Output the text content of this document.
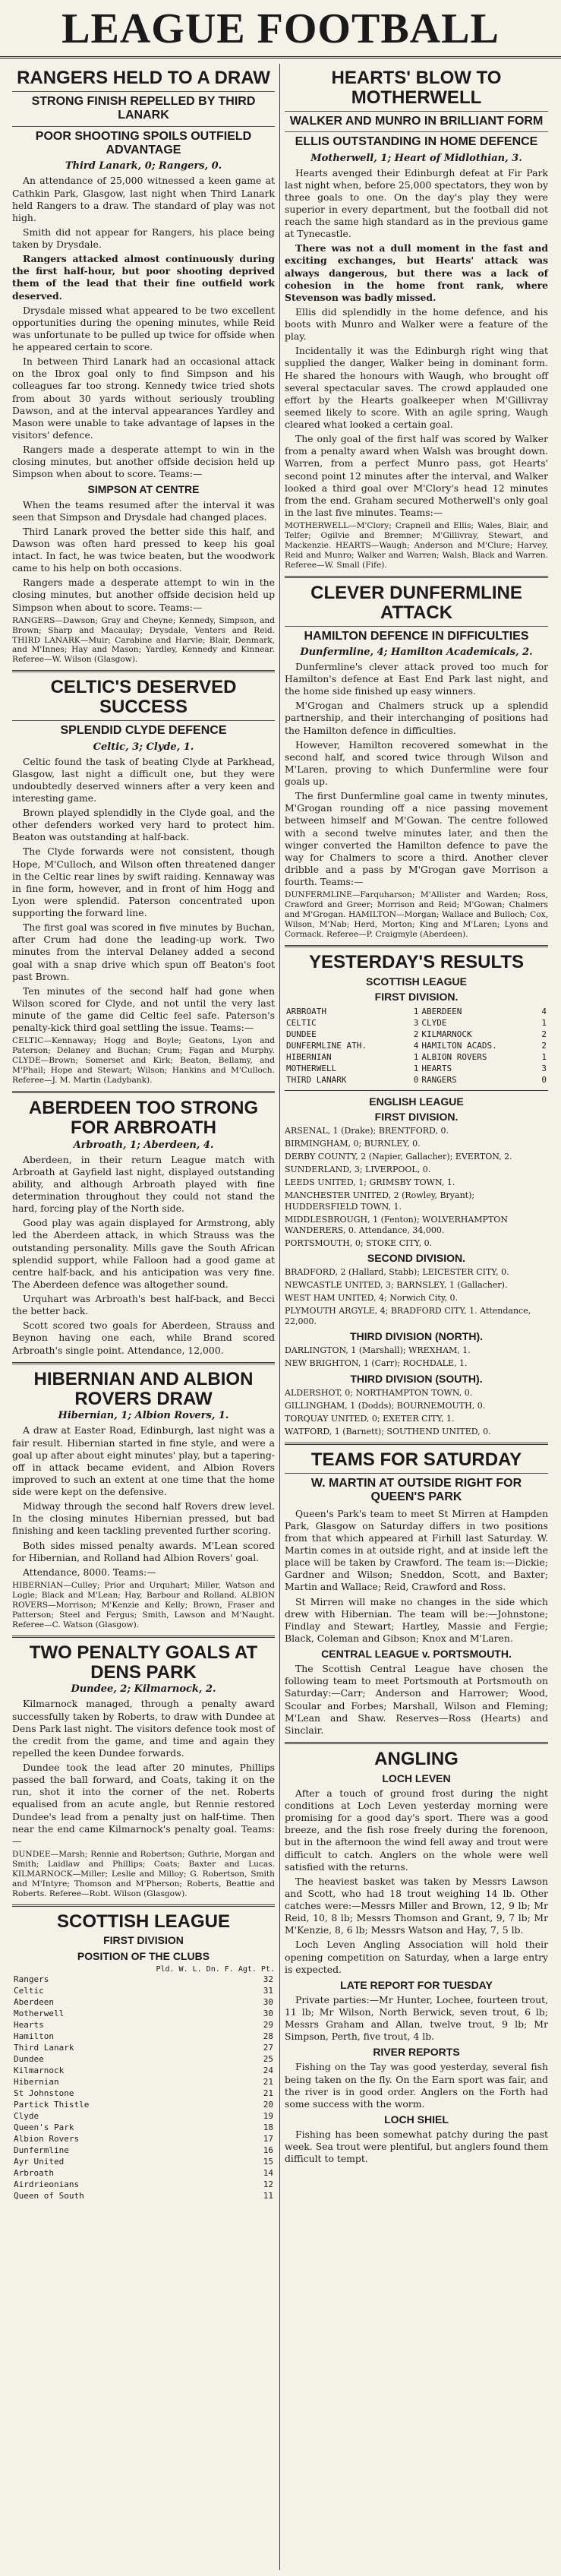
LEAGUE FOOTBALL
RANGERS HELD TO A DRAW
STRONG FINISH REPELLED BY THIRD LANARK
POOR SHOOTING SPOILS OUTFIELD ADVANTAGE
Third Lanark, 0; Rangers, 0.

An attendance of 25,000 witnessed a keen game at Cathkin Park, Glasgow, last night when Third Lanark held Rangers to a draw. The standard of play was not high.

Smith did not appear for Rangers, his place being taken by Drysdale.

Rangers attacked almost continuously during the first half-hour, but poor shooting deprived them of the lead that their fine outfield work deserved.

Drysdale missed what appeared to be two excellent opportunities during the opening minutes, while Reid was unfortunate to be pulled up twice for offside when he appeared certain to score.

In between Third Lanark had an occasional attack on the Ibrox goal only to find Simpson and his colleagues far too strong. Kennedy twice tried shots from about 30 yards without seriously troubling Dawson, and at the interval appearances Yardley and Mason were unable to take advantage of lapses in the visitors' defence.

Rangers made a desperate attempt to win in the closing minutes, but another offside decision held up Simpson when about to score. Teams:—

SIMPSON AT CENTRE

When the teams resumed after the interval it was seen that Simpson and Drysdale had changed places.

Third Lanark proved the better side this half, and Dawson was often hard pressed to keep his goal intact. In fact, he was twice beaten, but the woodwork came to his help on both occasions.

Rangers made a desperate attempt to win in the closing minutes, but another offside decision held up Simpson when about to score. Teams:—

RANGERS—Dawson; Gray and Cheyne; Kennedy, Simpson, and Brown; Sharp and Macaulay; Drysdale, Venters and Reid. THIRD LANARK—Muir; Carabine and Harvie; Blair, Denmark, and M'Innes; Hay and Mason; Yardley, Kennedy and Kinnear. Referee—W. Wilson (Glasgow).

CELTIC'S DESERVED SUCCESS
SPLENDID CLYDE DEFENCE
Celtic, 3; Clyde, 1.

Celtic found the task of beating Clyde at Parkhead, Glasgow, last night a difficult one, but they were undoubtedly deserved winners after a very keen and interesting game.

Brown played splendidly in the Clyde goal, and the other defenders worked very hard to protect him. Beaton was outstanding at half-back.

The Clyde forwards were not consistent, though Hope, M'Culloch, and Wilson often threatened danger in the Celtic rear lines by swift raiding. Kennaway was in fine form, however, and in front of him Hogg and Lyon were splendid. Paterson concentrated upon supporting the forward line.

The first goal was scored in five minutes by Buchan, after Crum had done the leading-up work. Two minutes from the interval Delaney added a second goal with a snap drive which spun off Beaton's foot past Brown.

Ten minutes of the second half had gone when Wilson scored for Clyde, and not until the very last minute of the game did Celtic feel safe. Paterson's penalty-kick third goal settling the issue. Teams:—

CELTIC—Kennaway; Hogg and Boyle; Geatons, Lyon and Paterson; Delaney and Buchan; Crum; Fagan and Murphy. CLYDE—Brown; Somerset and Kirk; Beaton, Bellamy, and M'Phail; Hope and Stewart; Wilson; Hankins and M'Culloch. Referee—J. M. Martin (Ladybank).

ABERDEEN TOO STRONG FOR ARBROATH
Arbroath, 1; Aberdeen, 4.

Aberdeen, in their return League match with Arbroath at Gayfield last night, displayed outstanding ability, and although Arbroath played with fine determination throughout they could not stand the hard, forcing play of the North side.

Good play was again displayed for Armstrong, ably led the Aberdeen attack, in which Strauss was the outstanding personality. Mills gave the South African splendid support, while Falloon had a good game at centre half-back, and his anticipation was very fine. The Aberdeen defence was altogether sound.

Urquhart was Arbroath's best half-back, and Becci the better back.

Scott scored two goals for Aberdeen, Strauss and Beynon having one each, while Brand scored Arbroath's single point. Attendance, 12,000.

HIBERNIAN AND ALBION ROVERS DRAW
Hibernian, 1; Albion Rovers, 1.

A draw at Easter Road, Edinburgh, last night was a fair result. Hibernian started in fine style, and were a goal up after about eight minutes' play, but a tapering-off in attack became evident, and Albion Rovers improved to such an extent at one time that the home side were kept on the defensive.

Midway through the second half Rovers drew level. In the closing minutes Hibernian pressed, but bad finishing and keen tackling prevented further scoring.

Both sides missed penalty awards. M'Lean scored for Hibernian, and Rolland had Albion Rovers' goal.

Attendance, 8000. Teams:—

HIBERNIAN—Culley; Prior and Urquhart; Miller, Watson and Logie; Black and M'Lean; Hay, Barbour and Rolland. ALBION ROVERS—Morrison; M'Kenzie and Kelly; Brown, Fraser and Patterson; Steel and Fergus; Smith, Lawson and M'Naught. Referee—C. Watson (Glasgow).

TWO PENALTY GOALS AT DENS PARK
Dundee, 2; Kilmarnock, 2.

Kilmarnock managed, through a penalty award successfully taken by Roberts, to draw with Dundee at Dens Park last night. The visitors defence took most of the credit from the game, and time and again they repelled the keen Dundee forwards.

Dundee took the lead after 20 minutes, Phillips passed the ball forward, and Coats, taking it on the run, shot it into the corner of the net. Roberts equalised from an acute angle, but Rennie restored Dundee's lead from a penalty just on half-time. Then near the end came Kilmarnock's penalty goal. Teams:—

DUNDEE—Marsh; Rennie and Robertson; Guthrie, Morgan and Smith; Laidlaw and Phillips; Coats; Baxter and Lucas. KILMARNOCK—Miller; Leslie and Milloy; G. Robertson, Smith and M'Intyre; Thomson and M'Pherson; Roberts, Beattie and Roberts. Referee—Robt. Wilson (Glasgow).

SCOTTISH LEAGUE
FIRST DIVISION
POSITION OF THE CLUBS
Pld. W. L. Dn. F. Agt. Pt.
Rangers	32
Celtic	31
Aberdeen	30
Motherwell	30
Hearts	29
Hamilton	28
Third Lanark	27
Dundee	25
Kilmarnock	24
Hibernian	21
St Johnstone	21
Partick Thistle	20
Clyde	19
Queen's Park	18
Albion Rovers	17
Dunfermline	16
Ayr United	15
Arbroath	14
Airdrieonians	12
Queen of South	11
HEARTS' BLOW TO MOTHERWELL
WALKER AND MUNRO IN BRILLIANT FORM
ELLIS OUTSTANDING IN HOME DEFENCE
Motherwell, 1; Heart of Midlothian, 3.

Hearts avenged their Edinburgh defeat at Fir Park last night when, before 25,000 spectators, they won by three goals to one. On the day's play they were superior in every department, but the football did not reach the same high standard as in the previous game at Tynecastle.

There was not a dull moment in the fast and exciting exchanges, but Hearts' attack was always dangerous, but there was a lack of cohesion in the home front rank, where Stevenson was badly missed.

Ellis did splendidly in the home defence, and his boots with Munro and Walker were a feature of the play.

Incidentally it was the Edinburgh right wing that supplied the danger, Walker being in dominant form. He shared the honours with Waugh, who brought off several spectacular saves. The crowd applauded one effort by the Hearts goalkeeper when M'Gillivray seemed likely to score. With an agile spring, Waugh cleared what looked a certain goal.

The only goal of the first half was scored by Walker from a penalty award when Walsh was brought down. Warren, from a perfect Munro pass, got Hearts' second point 12 minutes after the interval, and Walker looked a third goal over M'Clory's head 12 minutes from the end. Graham secured Motherwell's only goal in the last five minutes. Teams:—

MOTHERWELL—M'Clory; Crapnell and Ellis; Wales, Blair, and Telfer; Ogilvie and Bremner; M'Gillivray, Stewart, and Mackenzie. HEARTS—Waugh; Anderson and M'Clure; Harvey, Reid and Munro; Walker and Warren; Walsh, Black and Warren. Referee—W. Small (Fife).

CLEVER DUNFERMLINE ATTACK
HAMILTON DEFENCE IN DIFFICULTIES
Dunfermline, 4; Hamilton Academicals, 2.

Dunfermline's clever attack proved too much for Hamilton's defence at East End Park last night, and the home side finished up easy winners.

M'Grogan and Chalmers struck up a splendid partnership, and their interchanging of positions had the Hamilton defence in difficulties.

However, Hamilton recovered somewhat in the second half, and scored twice through Wilson and M'Laren, proving to which Dunfermline were four goals up.

The first Dunfermline goal came in twenty minutes, M'Grogan rounding off a nice passing movement between himself and M'Gowan. The centre followed with a second twelve minutes later, and then the winger converted the Hamilton defence to pave the way for Chalmers to score a third. Another clever dribble and a pass by M'Grogan gave Morrison a fourth. Teams:—

DUNFERMLINE—Farquharson; M'Allister and Warden; Ross, Crawford and Greer; Morrison and Reid; M'Gowan; Chalmers and M'Grogan. HAMILTON—Morgan; Wallace and Bulloch; Cox, Wilson, M'Nab; Herd, Morton; King and M'Laren; Lyons and Cormack. Referee—P. Craigmyle (Aberdeen).

YESTERDAY'S RESULTS
SCOTTISH LEAGUE
FIRST DIVISION.
ARBROATH	1	ABERDEEN	4
CELTIC	3	CLYDE	1
DUNDEE	2	KILMARNOCK	2
DUNFERMLINE ATH.	4	HAMILTON ACADS.	2
HIBERNIAN	1	ALBION ROVERS	1
MOTHERWELL	1	HEARTS	3
THIRD LANARK	0	RANGERS	0
ENGLISH LEAGUE
FIRST DIVISION.

ARSENAL, 1 (Drake); BRENTFORD, 0.

BIRMINGHAM, 0; BURNLEY, 0.

DERBY COUNTY, 2 (Napier, Gallacher); EVERTON, 2.

SUNDERLAND, 3; LIVERPOOL, 0.

LEEDS UNITED, 1; GRIMSBY TOWN, 1.

MANCHESTER UNITED, 2 (Rowley, Bryant); HUDDERSFIELD TOWN, 1.

MIDDLESBROUGH, 1 (Fenton); WOLVERHAMPTON WANDERERS, 0. Attendance, 34,000.

PORTSMOUTH, 0; STOKE CITY, 0.

SECOND DIVISION.

BRADFORD, 2 (Hallard, Stabb); LEICESTER CITY, 0.

NEWCASTLE UNITED, 3; BARNSLEY, 1 (Gallacher).

WEST HAM UNITED, 4; Norwich City, 0.

PLYMOUTH ARGYLE, 4; BRADFORD CITY, 1. Attendance, 22,000.

THIRD DIVISION (NORTH).

DARLINGTON, 1 (Marshall); WREXHAM, 1.

NEW BRIGHTON, 1 (Carr); ROCHDALE, 1.

THIRD DIVISION (SOUTH).

ALDERSHOT, 0; NORTHAMPTON TOWN, 0.

GILLINGHAM, 1 (Dodds); BOURNEMOUTH, 0.

TORQUAY UNITED, 0; EXETER CITY, 1.

WATFORD, 1 (Barnett); SOUTHEND UNITED, 0.

TEAMS FOR SATURDAY
W. MARTIN AT OUTSIDE RIGHT FOR QUEEN'S PARK

Queen's Park's team to meet St Mirren at Hampden Park, Glasgow on Saturday differs in two positions from that which appeared at Firhill last Saturday. W. Martin comes in at outside right, and at inside left the place will be taken by Crawford. The team is:—Dickie; Gardner and Wilson; Sneddon, Scott, and Baxter; Martin and Wallace; Reid, Crawford and Ross.

St Mirren will make no changes in the side which drew with Hibernian. The team will be:—Johnstone; Findlay and Stewart; Hartley, Massie and Fergie; Black, Coleman and Gibson; Knox and M'Laren.

CENTRAL LEAGUE v. PORTSMOUTH.

The Scottish Central League have chosen the following team to meet Portsmouth at Portsmouth on Saturday:—Carr; Anderson and Harrower; Wood, Scoular and Forbes; Marshall, Wilson and Fleming; M'Lean and Shaw. Reserves—Ross (Hearts) and Sinclair.

ANGLING
LOCH LEVEN

After a touch of ground frost during the night conditions at Loch Leven yesterday morning were promising for a good day's sport. There was a good breeze, and the fish rose freely during the forenoon, but in the afternoon the wind fell away and trout were difficult to catch. Anglers on the whole were well satisfied with the returns.

The heaviest basket was taken by Messrs Lawson and Scott, who had 18 trout weighing 14 lb. Other catches were:—Messrs Miller and Brown, 12, 9 lb; Mr Reid, 10, 8 lb; Messrs Thomson and Grant, 9, 7 lb; Mr M'Kenzie, 8, 6 lb; Messrs Watson and Hay, 7, 5 lb.

Loch Leven Angling Association will hold their opening competition on Saturday, when a large entry is expected.

LATE REPORT FOR TUESDAY

Private parties:—Mr Hunter, Lochee, fourteen trout, 11 lb; Mr Wilson, North Berwick, seven trout, 6 lb; Messrs Graham and Allan, twelve trout, 9 lb; Mr Simpson, Perth, five trout, 4 lb.

RIVER REPORTS

Fishing on the Tay was good yesterday, several fish being taken on the fly. On the Earn sport was fair, and the river is in good order. Anglers on the Forth had some success with the worm.

LOCH SHIEL

Fishing has been somewhat patchy during the past week. Sea trout were plentiful, but anglers found them difficult to tempt.
